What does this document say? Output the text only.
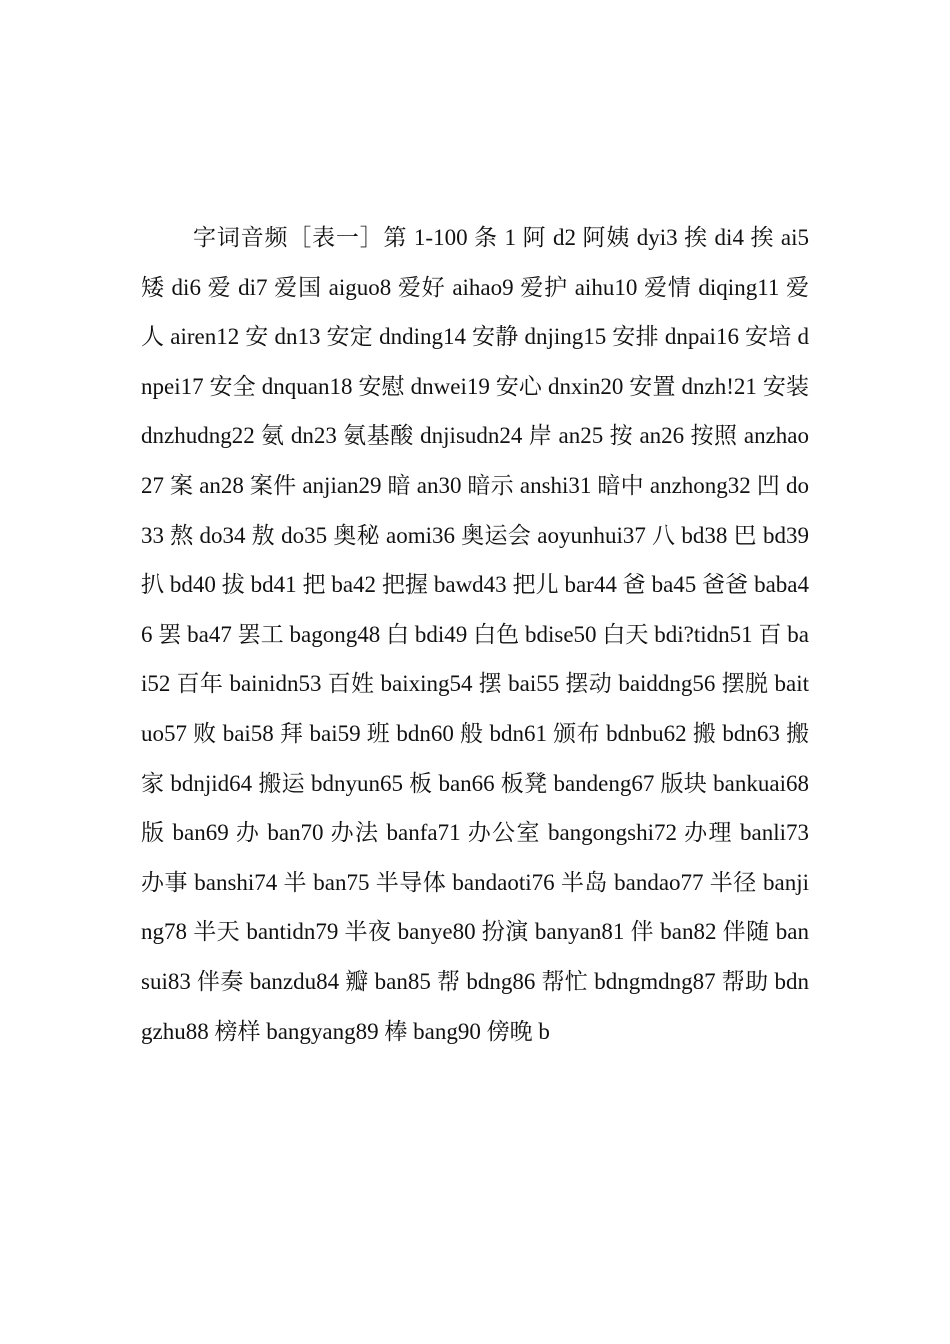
字词音频［表一］第 1-100 条 1 阿 d2 阿姨 dyi3 挨 di4 挨 ai5 矮 di6 爱 di7 爱国 aiguo8 爱好 aihao9 爱护 aihu10 爱情 diqing11 爱人 airen12 安 dn13 安定 dnding14 安静 dnjing15 安排 dnpai16 安培 dnpei17 安全 dnquan18 安慰 dnwei19 安心 dnxin20 安置 dnzh!21 安装 dnzhudng22 氨 dn23 氨基酸 dnjisudn24 岸 an25 按 an26 按照 anzhao27 案 an28 案件 anjian29 暗 an30 暗示 anshi31 暗中 anzhong32 凹 do33 熬 do34 敖 do35 奥秘 aomi36 奥运会 aoyunhui37 八 bd38 巴 bd39 扒 bd40 拔 bd41 把 ba42 把握 bawd43 把儿 bar44 爸 ba45 爸爸 baba46 罢 ba47 罢工 bagong48 白 bdi49 白色 bdise50 白天 bdi?tidn51 百 bai52 百年 bainidn53 百姓 baixing54 摆 bai55 摆动 baiddng56 摆脱 baituo57 败 bai58 拜 bai59 班 bdn60 般 bdn61 颁布 bdnbu62 搬 bdn63 搬家 bdnjid64 搬运 bdnyun65 板 ban66 板凳 bandeng67 版块 bankuai68 版 ban69 办 ban70 办法 banfa71 办公室 bangongshi72 办理 banli73 办事 banshi74 半 ban75 半导体 bandaoti76 半岛 bandao77 半径 banjing78 半天 bantidn79 半夜 banye80 扮演 banyan81 伴 ban82 伴随 bansui83 伴奏 banzdu84 瓣 ban85 帮 bdng86 帮忙 bdngmdng87 帮助 bdngzhu88 榜样 bangyang89 棒 bang90 傍晚 b
